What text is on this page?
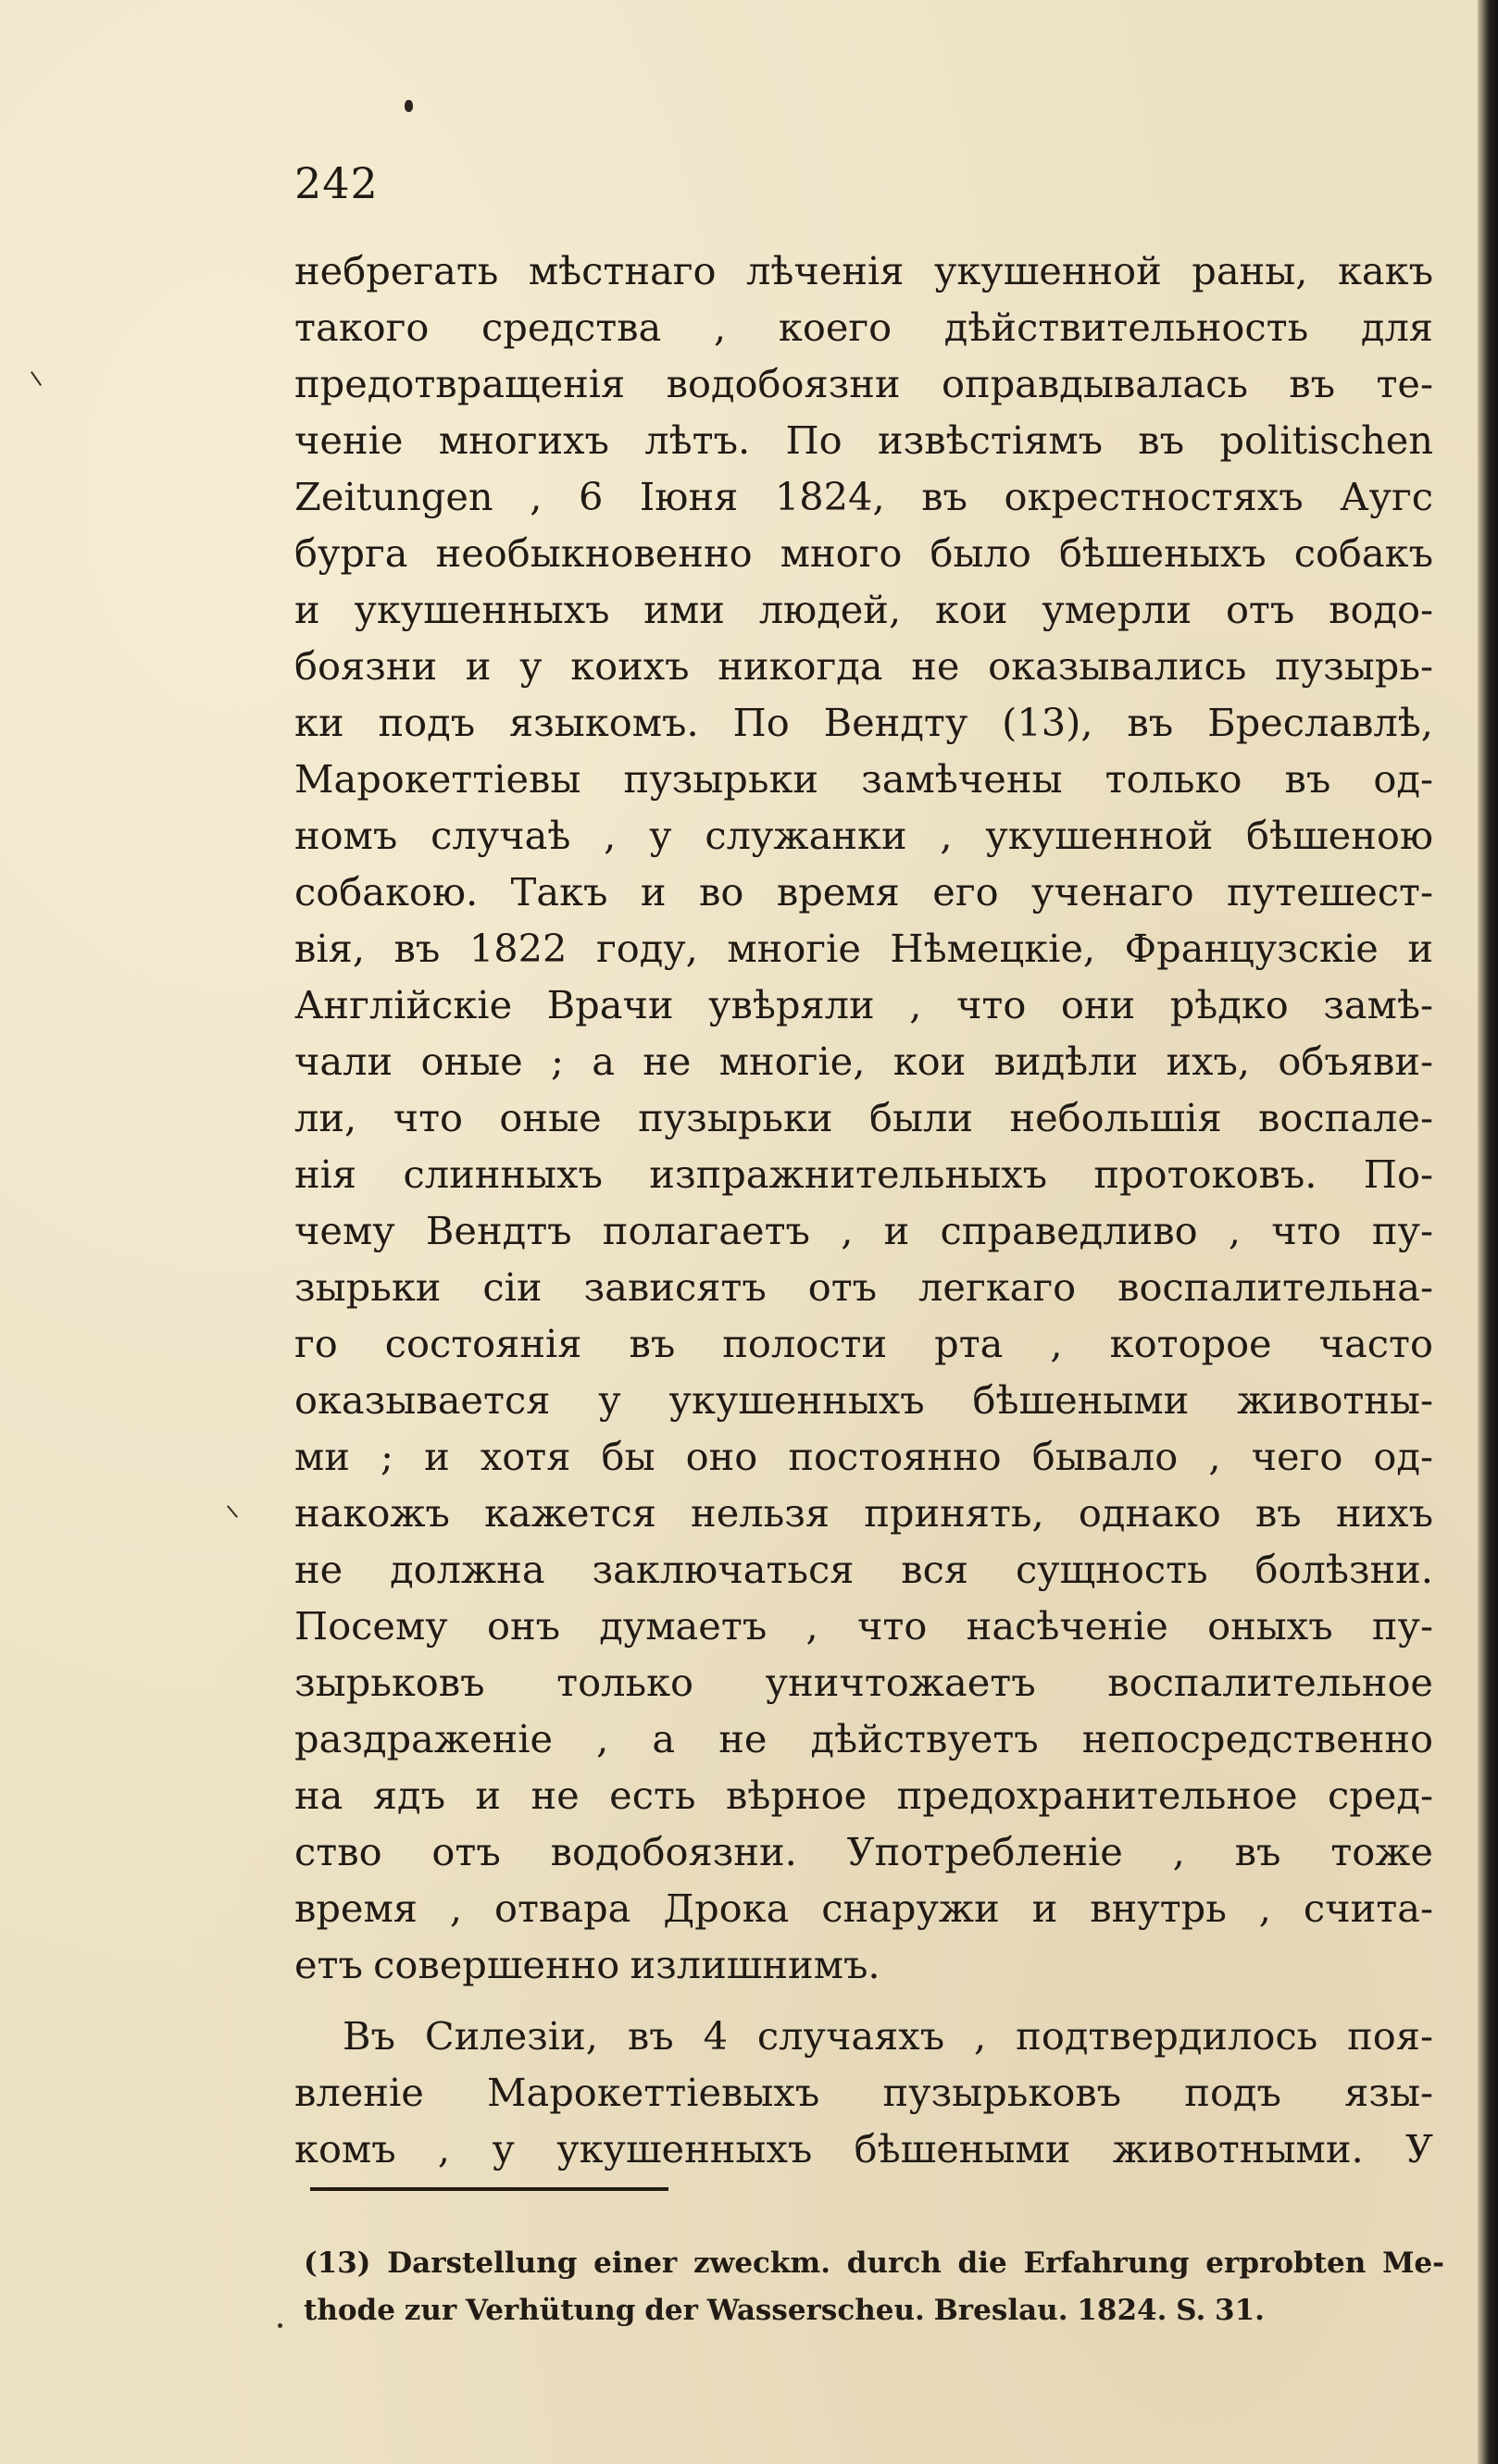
242
небрегать мѣстнаго лѣченія укушенной раны, какъ
такого средства , коего дѣйствительность для
предотвращенія водобоязни оправдывалась въ те-
ченіе многихъ лѣтъ. По извѣстіямъ въ politischen
Zeitungen , 6 Іюня 1824, въ окрестностяхъ Аугс
бурга необыкновенно много было бѣшеныхъ собакъ
и укушенныхъ ими людей, кои умерли отъ водо-
боязни и у коихъ никогда не оказывались пузырь-
ки подъ языкомъ. По Вендту (13), въ Бреславлѣ,
Марокеттіевы пузырьки замѣчены только въ од-
номъ случаѣ , у служанки , укушенной бѣшеною
собакою. Такъ и во время его ученаго путешест-
вія, въ 1822 году, многіе Нѣмецкіе, Французскіе и
Англійскіе Врачи увѣряли , что они рѣдко замѣ-
чали оные ; а не многіе, кои видѣли ихъ, объяви-
ли, что оные пузырьки были небольшія воспале-
нія слинныхъ изпражнительныхъ протоковъ. По-
чему Вендтъ полагаетъ , и справедливо , что пу-
зырьки сіи зависятъ отъ легкаго воспалительна-
го состоянія въ полости рта , которое часто
оказывается у укушенныхъ бѣшеными животны-
ми ; и хотя бы оно постоянно бывало , чего од-
накожъ кажется нельзя принять, однако въ нихъ
не должна заключаться вся сущность болѣзни.
Посему онъ думаетъ , что насѣченіе оныхъ пу-
зырьковъ только уничтожаетъ воспалительное
раздраженіе , а не дѣйствуетъ непосредственно
на ядъ и не есть вѣрное предохранительное сред-
ство отъ водобоязни. Употребленіе , въ тоже
время , отвара Дрока снаружи и внутрь , счита-
етъ совершенно излишнимъ.
Въ Силезіи, въ 4 случаяхъ , подтвердилось поя-
вленіе Марокеттіевыхъ пузырьковъ подъ язы-
комъ , у укушенныхъ бѣшеными животными. У
(13) Darstellung einer zweckm. durch die Erfahrung erprobten Me-
thode zur Verhütung der Wasserscheu. Breslau. 1824. S. 31.
